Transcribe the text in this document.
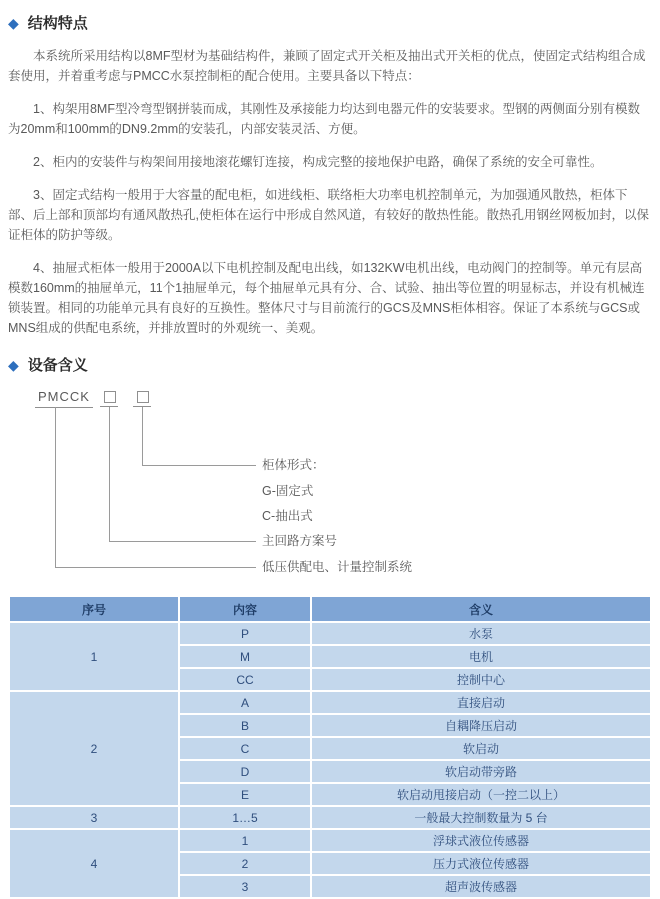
◆ 结构特点

本系统所采用结构以8MF型材为基础结构件，兼顾了固定式开关柜及抽出式开关柜的优点，使固定式结构组合成套使用，并着重考虑与PMCC水泵控制柜的配合使用。主要具备以下特点：

1、构架用8MF型冷弯型钢拼装而成，其刚性及承接能力均达到电器元件的安装要求。型钢的两侧面分别有模数为20mm和100mm的DN9.2mm的安装孔，内部安装灵活、方便。

2、柜内的安装件与构架间用接地滚花螺钉连接，构成完整的接地保护电路，确保了系统的安全可靠性。

3、固定式结构一般用于大容量的配电柜，如进线柜、联络柜大功率电机控制单元，为加强通风散热，柜体下部、后上部和顶部均有通风散热孔,使柜体在运行中形成自然风道，有较好的散热性能。散热孔用钢丝网板加封，以保证柜体的防护等级。

4、抽屉式柜体一般用于2000A以下电机控制及配电出线，如132KW电机出线，电动阀门的控制等。单元有层高模数160mm的抽屉单元，11个1抽屉单元，每个抽屉单元具有分、合、试验、抽出等位置的明显标志，并设有机械连锁装置。相同的功能单元具有良好的互换性。整体尺寸与目前流行的GCS及MNS柜体相容。保证了本系统与GCS或MNS组成的供配电系统，并排放置时的外观统一、美观。

◆ 设备含义
PMCCK
柜体形式：
G-固定式
C-抽出式
主回路方案号
低压供配电、计量控制系统
序号	内容	含义
1	P	水泵
	M	电机
	CC	控制中心
2	A	直接启动
	B	自耦降压启动
	C	软启动
	D	软启动带旁路
	E	软启动甩接启动（一控二以上）
3	1…5	一般最大控制数量为 5 台
4	1	浮球式液位传感器
	2	压力式液位传感器
	3	超声波传感器
